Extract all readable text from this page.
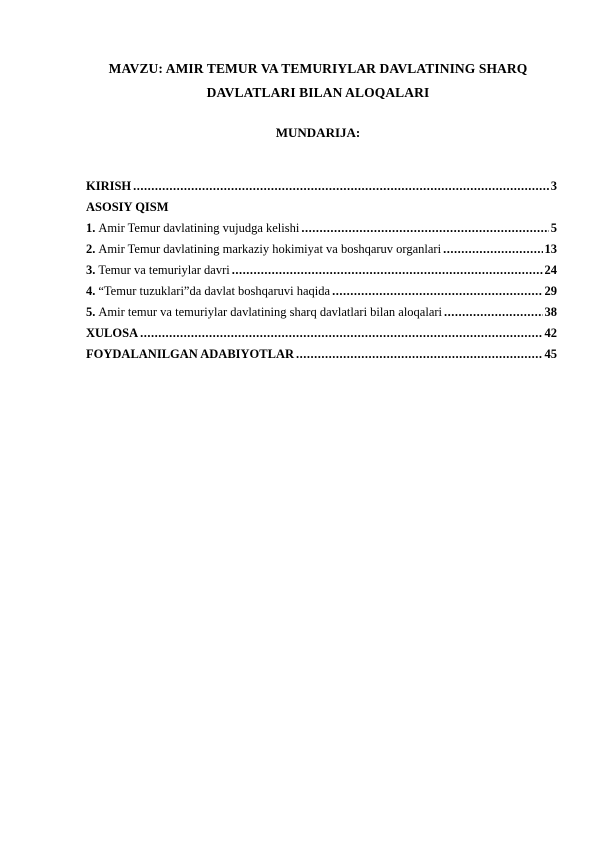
MAVZU: AMIR TEMUR VA TEMURIYLAR DAVLATINING SHARQ
DAVLATLARI BILAN ALOQALARI
MUNDARIJA:
KIRISH .....	3
ASOSIY QISM
1. Amir Temur davlatining vujudga kelishi .....	5
2. Amir Temur davlatining markaziy hokimiyat va boshqaruv organlari .....	13
3. Temur va temuriylar davri .....	24
4. “Temur tuzuklari”da davlat boshqaruvi haqida .....	29
5. Amir temur va temuriylar davlatining sharq davlatlari bilan aloqalari .....	38
XULOSA .....	42
FOYDALANILGAN ADABIYOTLAR .....	45
